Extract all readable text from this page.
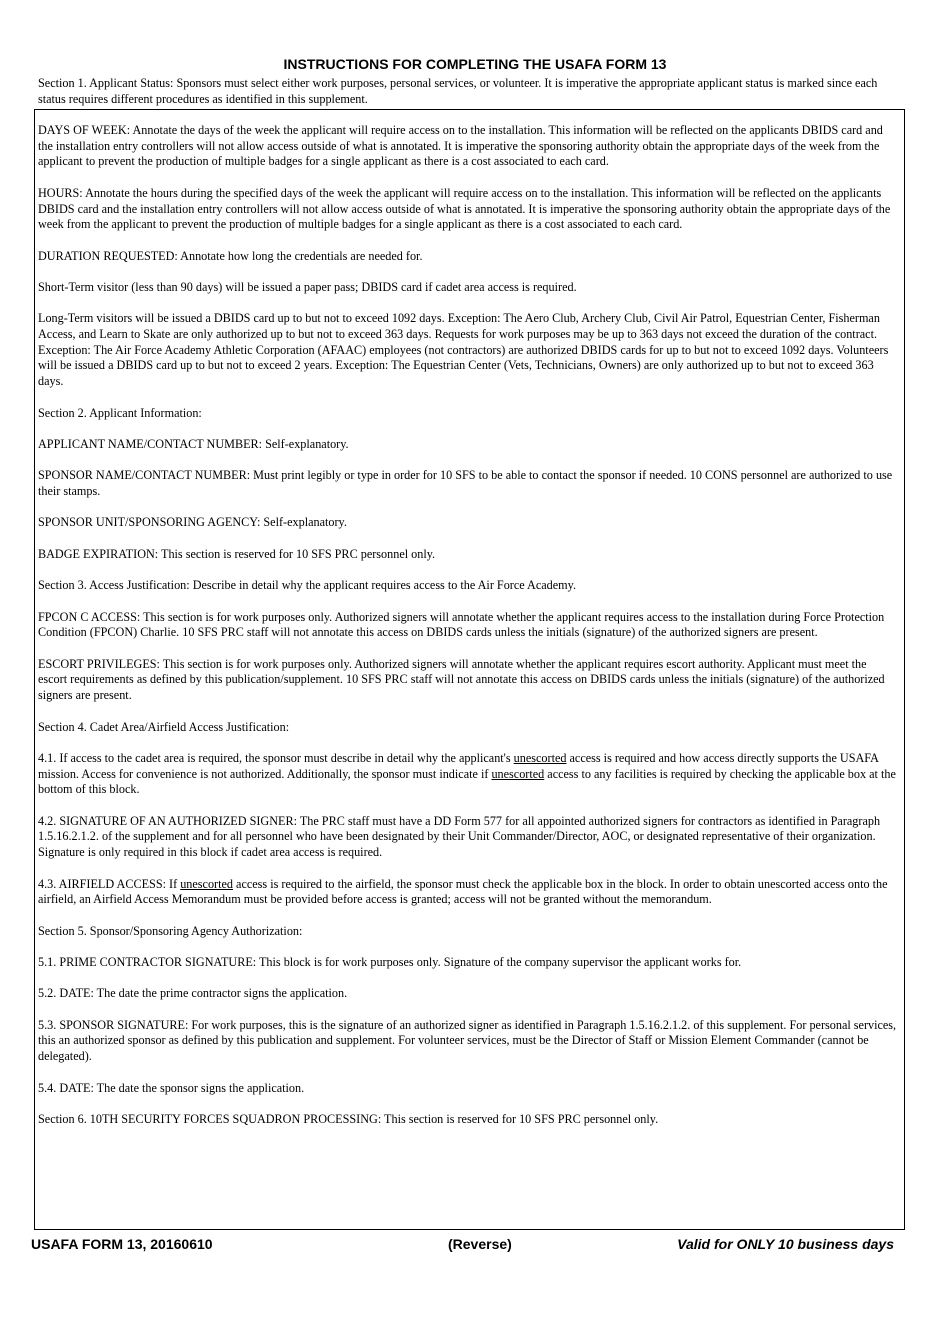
INSTRUCTIONS FOR COMPLETING THE USAFA FORM 13

Section 1. Applicant Status: Sponsors must select either work purposes, personal services, or volunteer. It is imperative the appropriate applicant status is marked since each status requires different procedures as identified in this supplement.

DAYS OF WEEK: Annotate the days of the week the applicant will require access on to the installation. This information will be reflected on the applicants DBIDS card and the installation entry controllers will not allow access outside of what is annotated. It is imperative the sponsoring authority obtain the appropriate days of the week from the applicant to prevent the production of multiple badges for a single applicant as there is a cost associated to each card.

HOURS: Annotate the hours during the specified days of the week the applicant will require access on to the installation. This information will be reflected on the applicants DBIDS card and the installation entry controllers will not allow access outside of what is annotated. It is imperative the sponsoring authority obtain the appropriate days of the week from the applicant to prevent the production of multiple badges for a single applicant as there is a cost associated to each card.

DURATION REQUESTED: Annotate how long the credentials are needed for.

Short-Term visitor (less than 90 days) will be issued a paper pass; DBIDS card if cadet area access is required.

Long-Term visitors will be issued a DBIDS card up to but not to exceed 1092 days. Exception: The Aero Club, Archery Club, Civil Air Patrol, Equestrian Center, Fisherman Access, and Learn to Skate are only authorized up to but not to exceed 363 days. Requests for work purposes may be up to 363 days not exceed the duration of the contract. Exception: The Air Force Academy Athletic Corporation (AFAAC) employees (not contractors) are authorized DBIDS cards for up to but not to exceed 1092 days. Volunteers will be issued a DBIDS card up to but not to exceed 2 years. Exception: The Equestrian Center (Vets, Technicians, Owners) are only authorized up to but not to exceed 363 days.

Section 2. Applicant Information:

APPLICANT NAME/CONTACT NUMBER: Self-explanatory.

SPONSOR NAME/CONTACT NUMBER: Must print legibly or type in order for 10 SFS to be able to contact the sponsor if needed. 10 CONS personnel are authorized to use their stamps.

SPONSOR UNIT/SPONSORING AGENCY: Self-explanatory.

BADGE EXPIRATION: This section is reserved for 10 SFS PRC personnel only.

Section 3. Access Justification: Describe in detail why the applicant requires access to the Air Force Academy.

FPCON C ACCESS: This section is for work purposes only. Authorized signers will annotate whether the applicant requires access to the installation during Force Protection Condition (FPCON) Charlie. 10 SFS PRC staff will not annotate this access on DBIDS cards unless the initials (signature) of the authorized signers are present.

ESCORT PRIVILEGES: This section is for work purposes only. Authorized signers will annotate whether the applicant requires escort authority. Applicant must meet the escort requirements as defined by this publication/supplement. 10 SFS PRC staff will not annotate this access on DBIDS cards unless the initials (signature) of the authorized signers are present.

Section 4. Cadet Area/Airfield Access Justification:

4.1. If access to the cadet area is required, the sponsor must describe in detail why the applicant's unescorted access is required and how access directly supports the USAFA mission. Access for convenience is not authorized. Additionally, the sponsor must indicate if unescorted access to any facilities is required by checking the applicable box at the bottom of this block.

4.2. SIGNATURE OF AN AUTHORIZED SIGNER: The PRC staff must have a DD Form 577 for all appointed authorized signers for contractors as identified in Paragraph 1.5.16.2.1.2. of the supplement and for all personnel who have been designated by their Unit Commander/Director, AOC, or designated representative of their organization. Signature is only required in this block if cadet area access is required.

4.3. AIRFIELD ACCESS: If unescorted access is required to the airfield, the sponsor must check the applicable box in the block. In order to obtain unescorted access onto the airfield, an Airfield Access Memorandum must be provided before access is granted; access will not be granted without the memorandum.

Section 5. Sponsor/Sponsoring Agency Authorization:

5.1. PRIME CONTRACTOR SIGNATURE: This block is for work purposes only. Signature of the company supervisor the applicant works for.

5.2. DATE: The date the prime contractor signs the application.

5.3. SPONSOR SIGNATURE: For work purposes, this is the signature of an authorized signer as identified in Paragraph 1.5.16.2.1.2. of this supplement. For personal services, this an authorized sponsor as defined by this publication and supplement. For volunteer services, must be the Director of Staff or Mission Element Commander (cannot be delegated).

5.4. DATE: The date the sponsor signs the application.

Section 6. 10TH SECURITY FORCES SQUADRON PROCESSING: This section is reserved for 10 SFS PRC personnel only.

USAFA FORM 13, 20160610	(Reverse)	Valid for ONLY 10 business days
